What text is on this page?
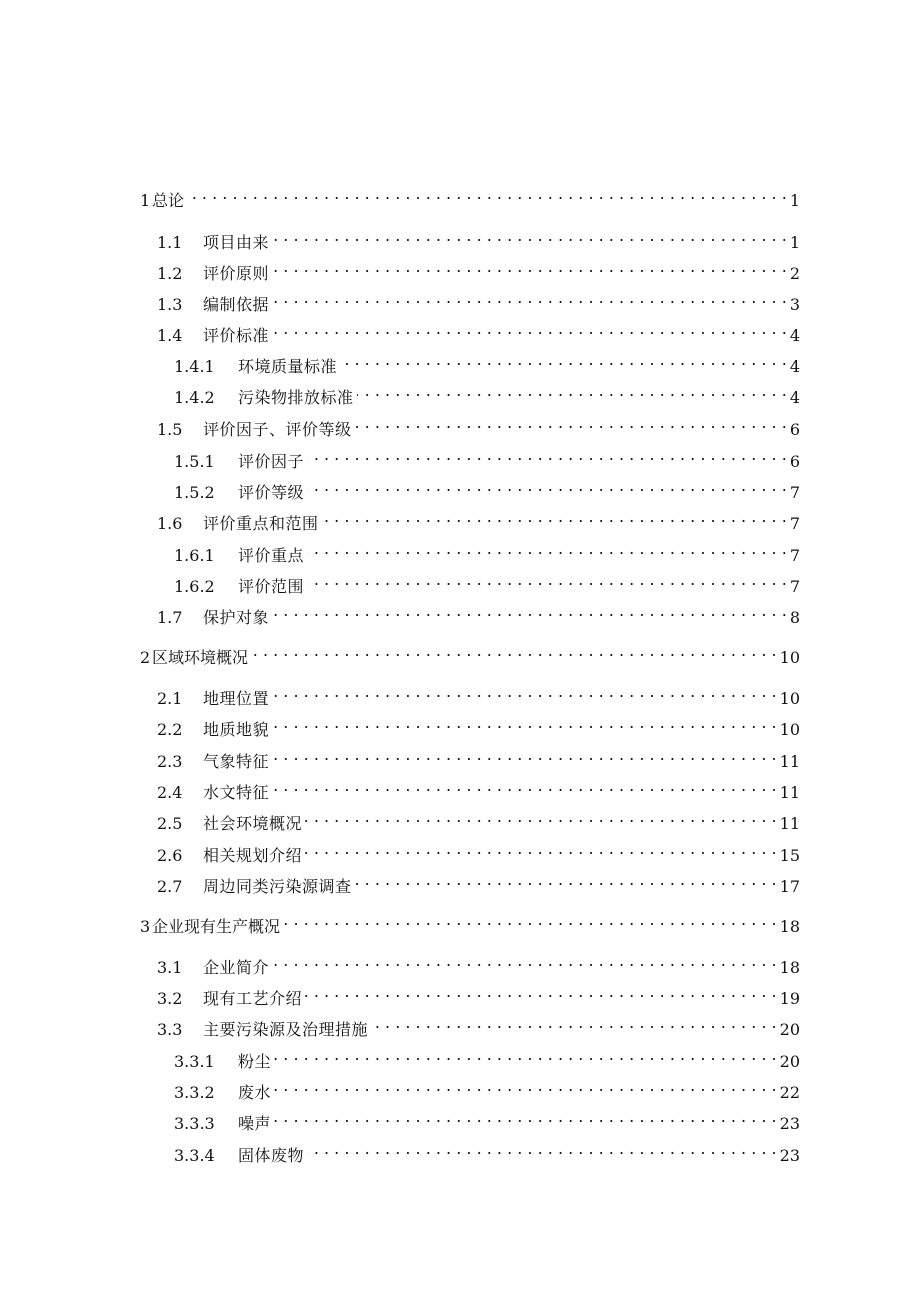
1 总论 . . .	1
1.1	项目由来 . . .	1
1.2	评价原则 . . .	2
1.3	编制依据 . . .	3
1.4	评价标准 . . .	4
1.4.1	环境质量标准 . . .	4
1.4.2	污染物排放标准 . . .	4
1.5	评价因子、评价等级 . . .	6
1.5.1	评价因子 . . .	6
1.5.2	评价等级 . . .	7
1.6	评价重点和范围 . . .	7
1.6.1	评价重点 . . .	7
1.6.2	评价范围 . . .	7
1.7	保护对象 . . .	8
2 区域环境概况 . . .	10
2.1	地理位置 . . .	10
2.2	地质地貌 . . .	10
2.3	气象特征 . . .	11
2.4	水文特征 . . .	11
2.5	社会环境概况 . . .	11
2.6	相关规划介绍 . . .	15
2.7	周边同类污染源调查 . . .	17
3 企业现有生产概况 . . .	18
3.1	企业简介 . . .	18
3.2	现有工艺介绍 . . .	19
3.3	主要污染源及治理措施 . . .	20
3.3.1	粉尘 . . .	20
3.3.2	废水 . . .	22
3.3.3	噪声 . . .	23
3.3.4	固体废物 . . .	23
